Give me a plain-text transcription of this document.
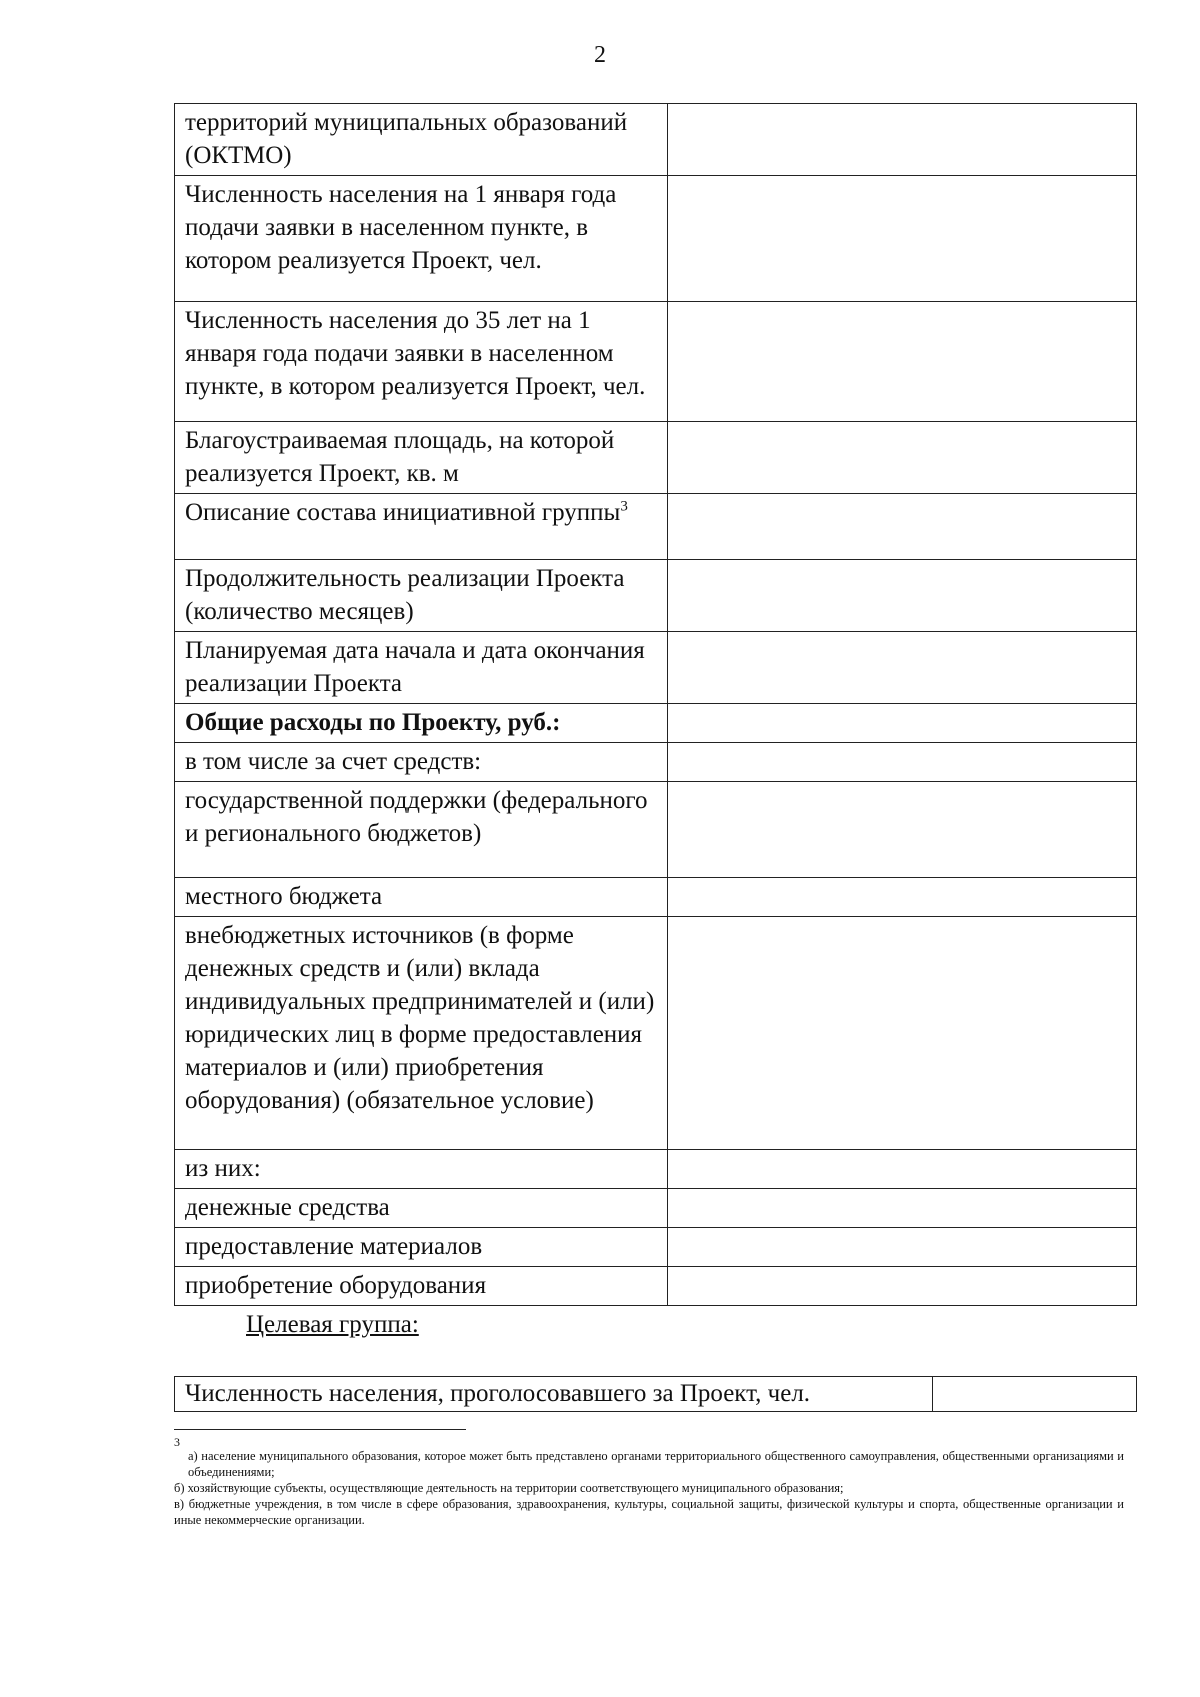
2
территорий муниципальных образований (ОКТМО)	
Численность населения на 1 января года подачи заявки в населенном пункте, в котором реализуется Проект, чел.	
Численность населения до 35 лет на 1 января года подачи заявки в населенном пункте, в котором реализуется Проект, чел.	
Благоустраиваемая площадь, на которой реализуется Проект, кв. м	
Описание состава инициативной группы$^3$	
Продолжительность реализации Проекта (количество месяцев)	
Планируемая дата начала и дата окончания реализации Проекта	
Общие расходы по Проекту, руб.:	
в том числе за счет средств:	
государственной поддержки (федерального и регионального бюджетов)	
местного бюджета	
внебюджетных источников (в форме денежных средств и (или) вклада индивидуальных предпринимателей и (или) юридических лиц в форме предоставления материалов и (или) приобретения оборудования) (обязательное условие)	
из них:	
денежные средства	
предоставление материалов	
приобретение оборудования	
Целевая группа:
Численность населения, проголосовавшего за Проект, чел.	
3
а) население муниципального образования, которое может быть представлено органами территориального общественного самоуправления, общественными организациями и объединениями;
б) хозяйствующие субъекты, осуществляющие деятельность на территории соответствующего муниципального образования;
в) бюджетные учреждения, в том числе в сфере образования, здравоохранения, культуры, социальной защиты, физической культуры и спорта, общественные организации и иные некоммерческие организации.
